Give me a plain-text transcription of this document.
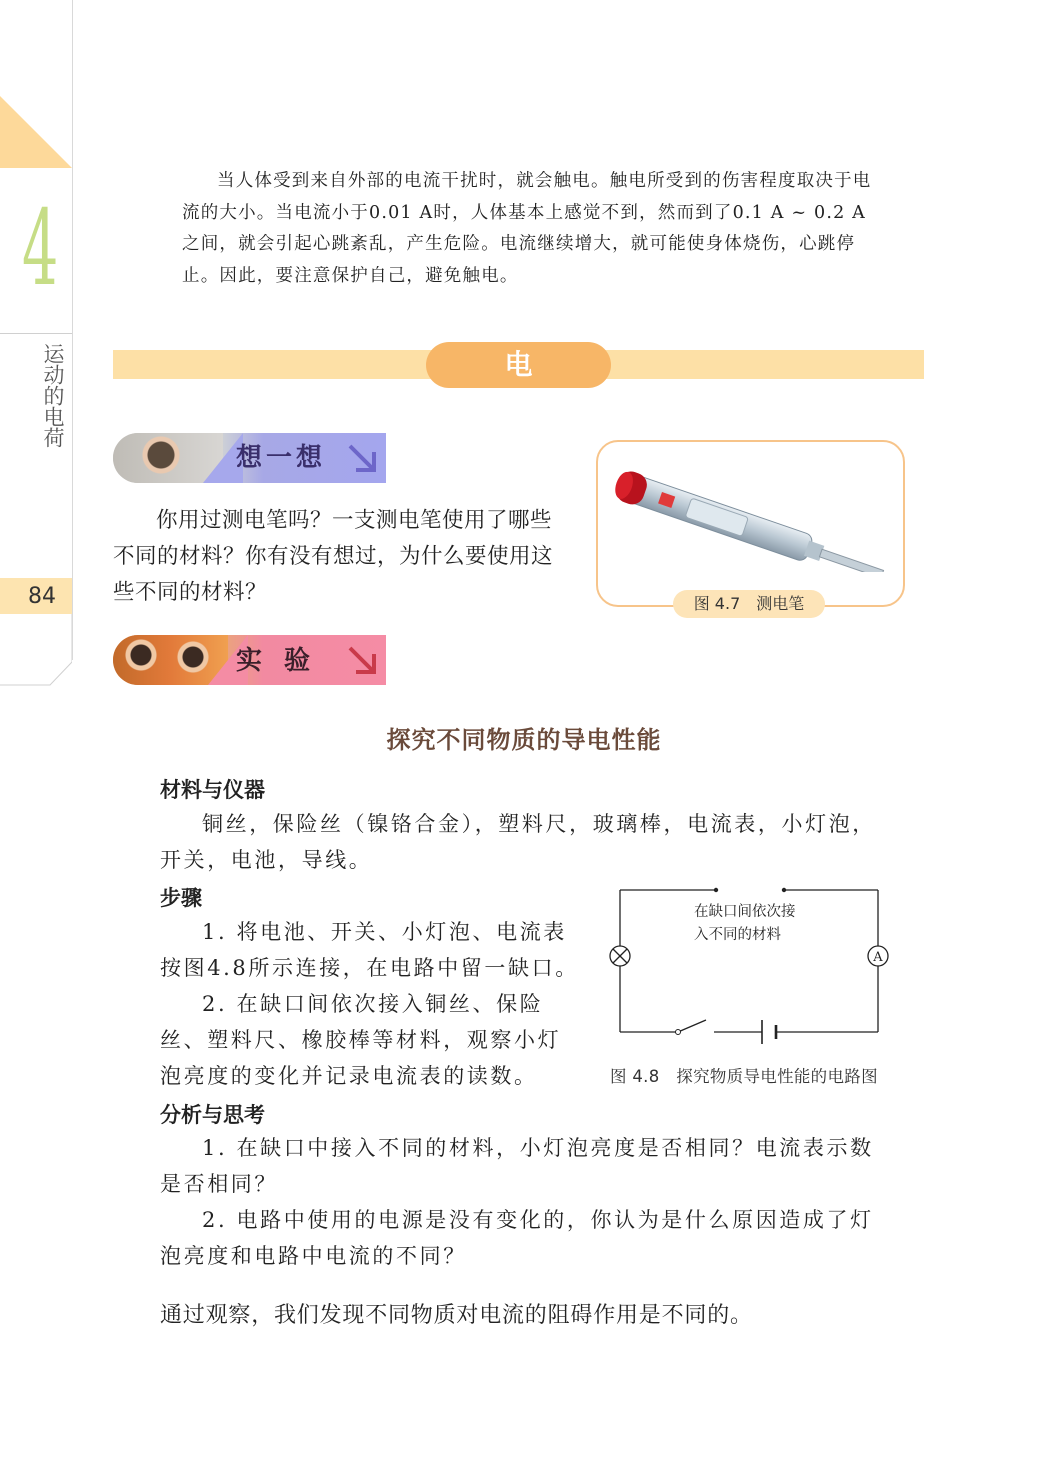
4
运动的电荷
84

当人体受到来自外部的电流干扰时，就会触电。触电所受到的伤害程度取决于电流的大小。当电流小于0.01 A时，人体基本上感觉不到，然而到了0.1 A ~ 0.2 A之间，就会引起心跳紊乱，产生危险。电流继续增大，就可能使身体烧伤，心跳停止。因此，要注意保护自己，避免触电。

电阻
想一想

你用过测电笔吗？一支测电笔使用了哪些不同的材料？你有没有想过，为什么要使用这些不同的材料？	图 4.7　测电笔
实验
探究不同物质的导电性能
材料与仪器

铜丝，保险丝（镍铬合金），塑料尺，玻璃棒，电流表，小灯泡，开关，电池，导线。

步骤

1. 将电池、开关、小灯泡、电流表按图4.8所示连接，在电路中留一缺口。

2. 在缺口间依次接入铜丝、保险丝、塑料尺、橡胶棒等材料，观察小灯泡亮度的变化并记录电流表的读数。

A
在缺口间依次接
入不同的材料
图 4.8　探究物质导电性能的电路图
分析与思考

1. 在缺口中接入不同的材料，小灯泡亮度是否相同？电流表示数是否相同？

2. 电路中使用的电源是没有变化的，你认为是什么原因造成了灯泡亮度和电路中电流的不同？

通过观察，我们发现不同物质对电流的阻碍作用是不同的。
